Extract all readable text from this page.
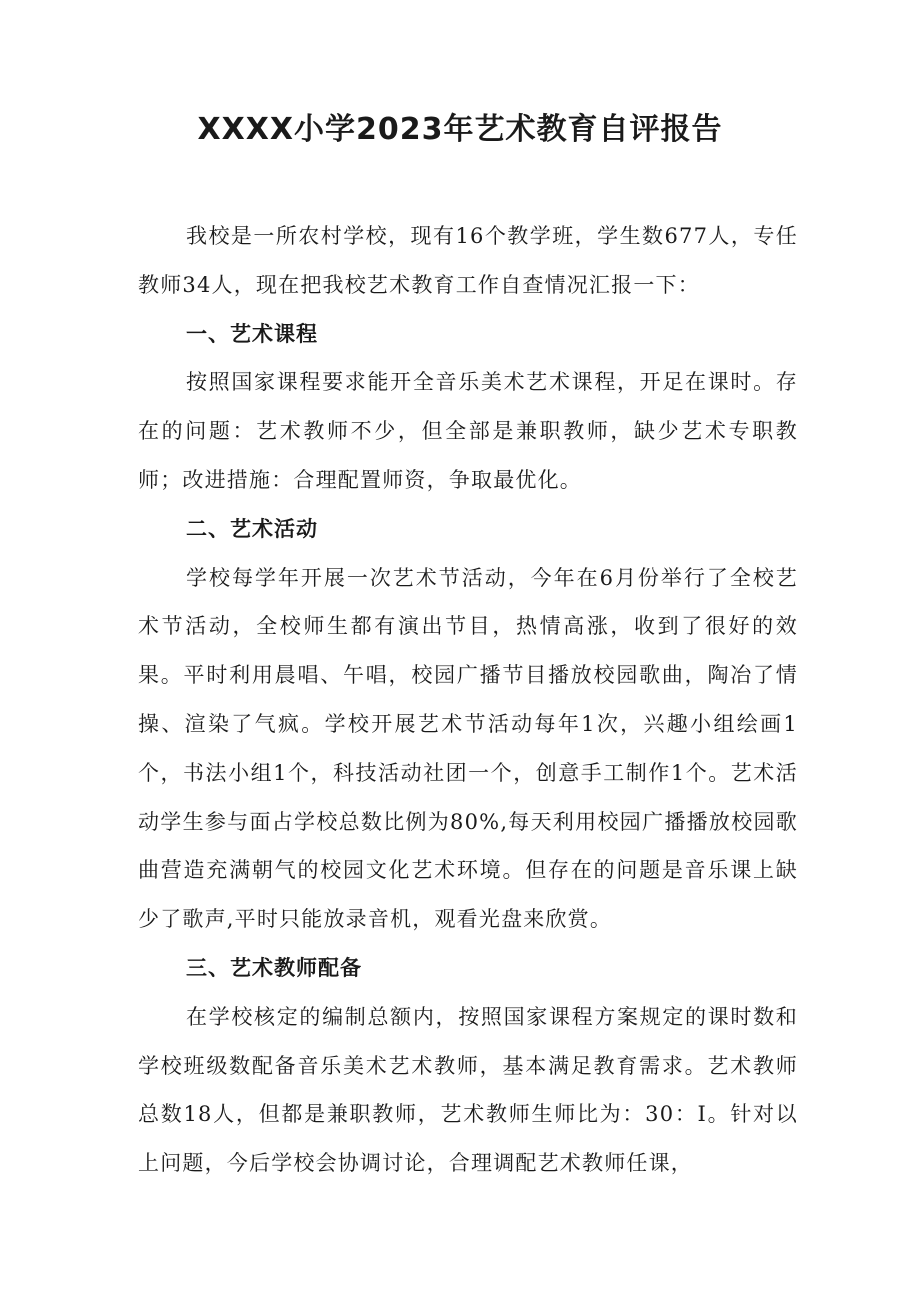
XXXX小学2023年艺术教育自评报告

我校是一所农村学校，现有16个教学班，学生数677人，专任教师34人，现在把我校艺术教育工作自查情况汇报一下：

一、艺术课程

按照国家课程要求能开全音乐美术艺术课程，开足在课时。存在的问题：艺术教师不少，但全部是兼职教师，缺少艺术专职教师；改进措施：合理配置师资，争取最优化。

二、艺术活动

学校每学年开展一次艺术节活动，今年在6月份举行了全校艺术节活动，全校师生都有演出节目，热情高涨，收到了很好的效果。平时利用晨唱、午唱，校园广播节目播放校园歌曲，陶冶了情操、渲染了气疯。学校开展艺术节活动每年1次，兴趣小组绘画1个，书法小组1个，科技活动社团一个，创意手工制作1个。艺术活动学生参与面占学校总数比例为80%,每天利用校园广播播放校园歌曲营造充满朝气的校园文化艺术环境。但存在的问题是音乐课上缺少了歌声,平时只能放录音机，观看光盘来欣赏。

三、艺术教师配备

在学校核定的编制总额内，按照国家课程方案规定的课时数和学校班级数配备音乐美术艺术教师，基本满足教育需求。艺术教师总数18人，但都是兼职教师，艺术教师生师比为：30：I。针对以上问题，今后学校会协调讨论，合理调配艺术教师任课，
